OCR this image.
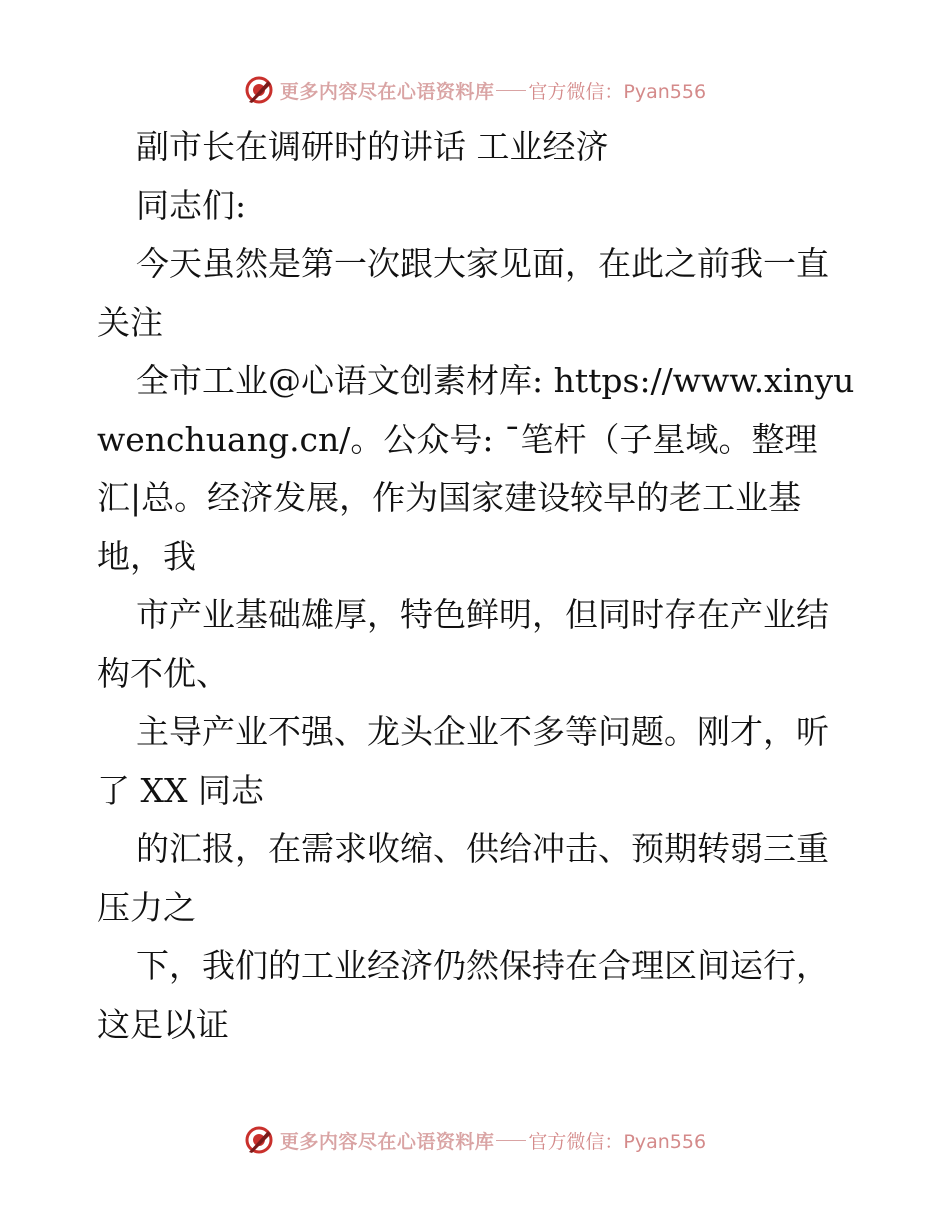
更多内容尽在心语资料库 官方微信：Pyan556

副市长在调研时的讲话 工业经济

同志们:

今天虽然是第一次跟大家见面，在此之前我一直关注

全市工业@心语文创素材库: https://www.xinyuwenchuang.cn/。公众号: ¯笔杆（子星域。整理汇|总。经济发展，作为国家建设较早的老工业基地，我

市产业基础雄厚，特色鲜明，但同时存在产业结构不优、

主导产业不强、龙头企业不多等问题。刚才，听了 XX 同志

的汇报，在需求收缩、供给冲击、预期转弱三重压力之

下，我们的工业经济仍然保持在合理区间运行，这足以证

更多内容尽在心语资料库 官方微信：Pyan556
